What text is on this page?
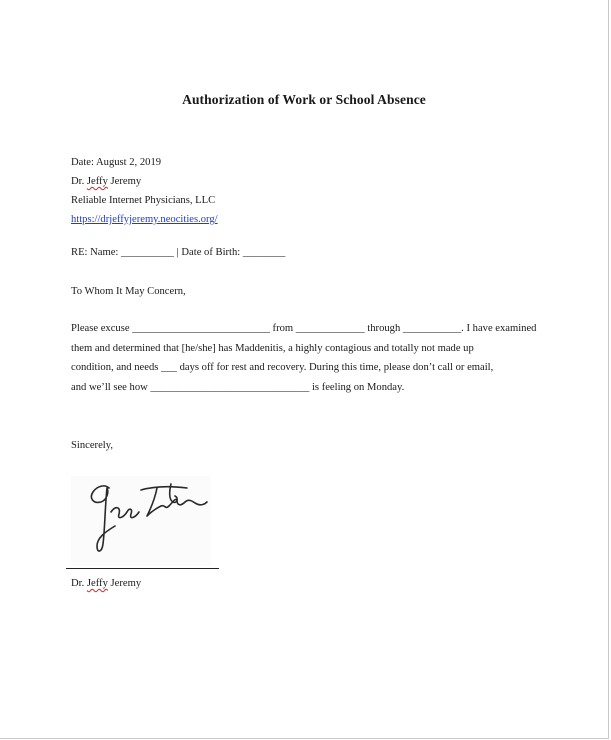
Authorization of Work or School Absence
Date: August 2, 2019
Dr. Jeffy Jeremy
Reliable Internet Physicians, LLC
https://drjeffyjeremy.neocities.org/
RE: Name: __________ | Date of Birth: ________
To Whom It May Concern,
Please excuse __________________________ from _____________ through ___________. I have examined
them and determined that [he/she] has Maddenitis, a highly contagious and totally not made up
condition, and needs ___ days off for rest and recovery. During this time, please don’t call or email,
and we’ll see how ______________________________ is feeling on Monday.
Sincerely,
Dr. Jeffy Jeremy
